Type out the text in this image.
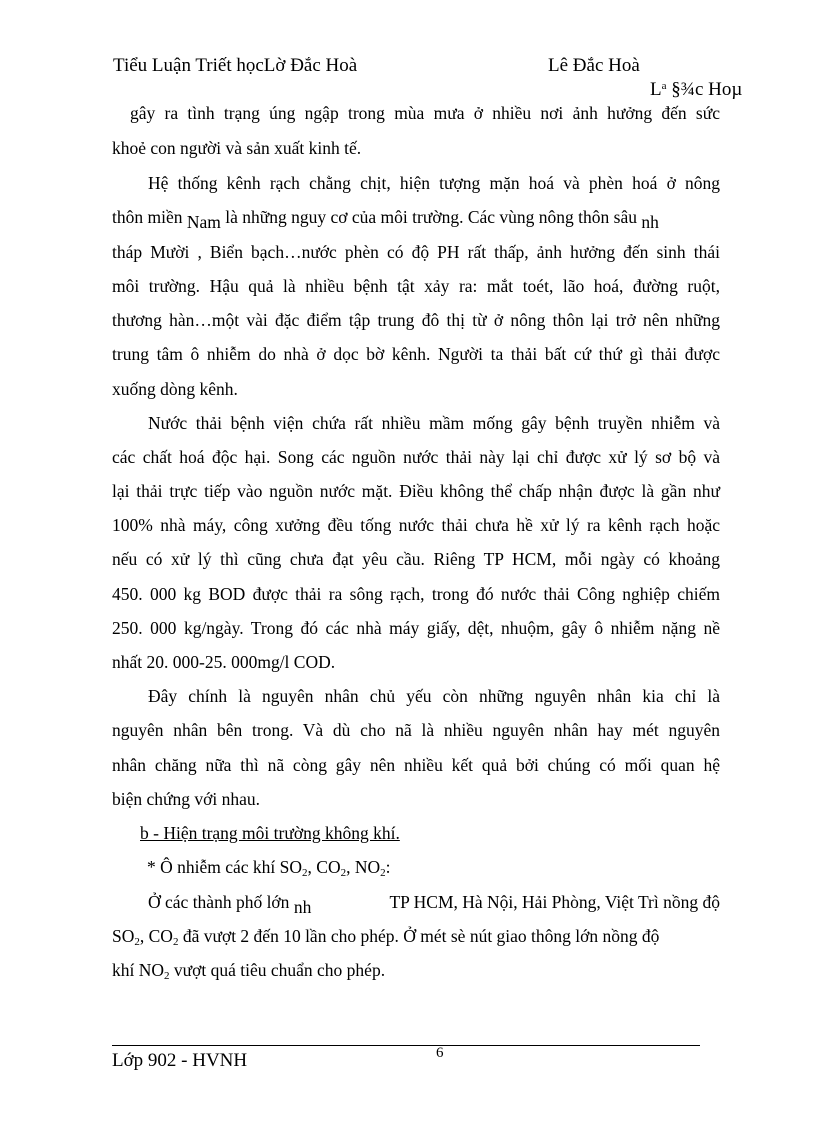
Tiểu Luận Triết họcLờ Đắc Hoà	Lê Đắc Hoà
$L^a$ §¾c Hoµ
gây ra tình trạng úng ngập trong mùa mưa ở nhiều nơi ảnh hưởng đến sức
khoẻ con người và sản xuất kinh tế.
Hệ thống kênh rạch chằng chịt, hiện tượng mặn hoá và phèn hoá ở nông
thôn miền Nam là những nguy cơ của môi trường. Các vùng nông thôn sâu nh
tháp Mười , Biển bạch…nước phèn có độ PH rất thấp, ảnh hưởng đến sinh thái
môi trường. Hậu quả là nhiều bệnh tật xảy ra: mắt toét, lão hoá, đường ruột,
thương hàn…một vài đặc điểm tập trung đô thị từ ở nông thôn lại trở nên những
trung tâm ô nhiễm do nhà ở dọc bờ kênh. Người ta thải bất cứ thứ gì thải được
xuống dòng kênh.
Nước thải bệnh viện chứa rất nhiều mầm mống gây bệnh truyền nhiễm và
các chất hoá độc hại. Song các nguồn nước thải này lại chỉ được xử lý sơ bộ và
lại thải trực tiếp vào nguồn nước mặt. Điều không thể chấp nhận được là gần như
100% nhà máy, công xưởng đều tống nước thải chưa hề xử lý ra kênh rạch hoặc
nếu có xử lý thì cũng chưa đạt yêu cầu. Riêng TP HCM, mỗi ngày có khoảng
450. 000 kg BOD được thải ra sông rạch, trong đó nước thải Công nghiệp chiếm
250. 000 kg/ngày. Trong đó các nhà máy giấy, dệt, nhuộm, gây ô nhiễm nặng nề
nhất 20. 000-25. 000mg/l COD.
Đây chính là nguyên nhân chủ yếu còn những nguyên nhân kia chỉ là
nguyên nhân bên trong. Và dù cho nã là nhiều nguyên nhân hay mét nguyên
nhân chăng nữa thì nã còng gây nên nhiều kết quả bởi chúng có mối quan hệ
biện chứng với nhau.
b - Hiện trạng môi trường không khí.
* Ô nhiễm các khí $SO_2$, $CO_2$, $NO_2$:
Ở các thành phố lớn nh	TP HCM, Hà Nội, Hải Phòng, Việt Trì nồng độ
$SO_2$, $CO_2$ đã vượt 2 đến 10 lần cho phép. Ở mét sè nút giao thông lớn nồng độ
khí $NO_2$ vượt quá tiêu chuẩn cho phép.
6
Lớp 902 - HVNH
